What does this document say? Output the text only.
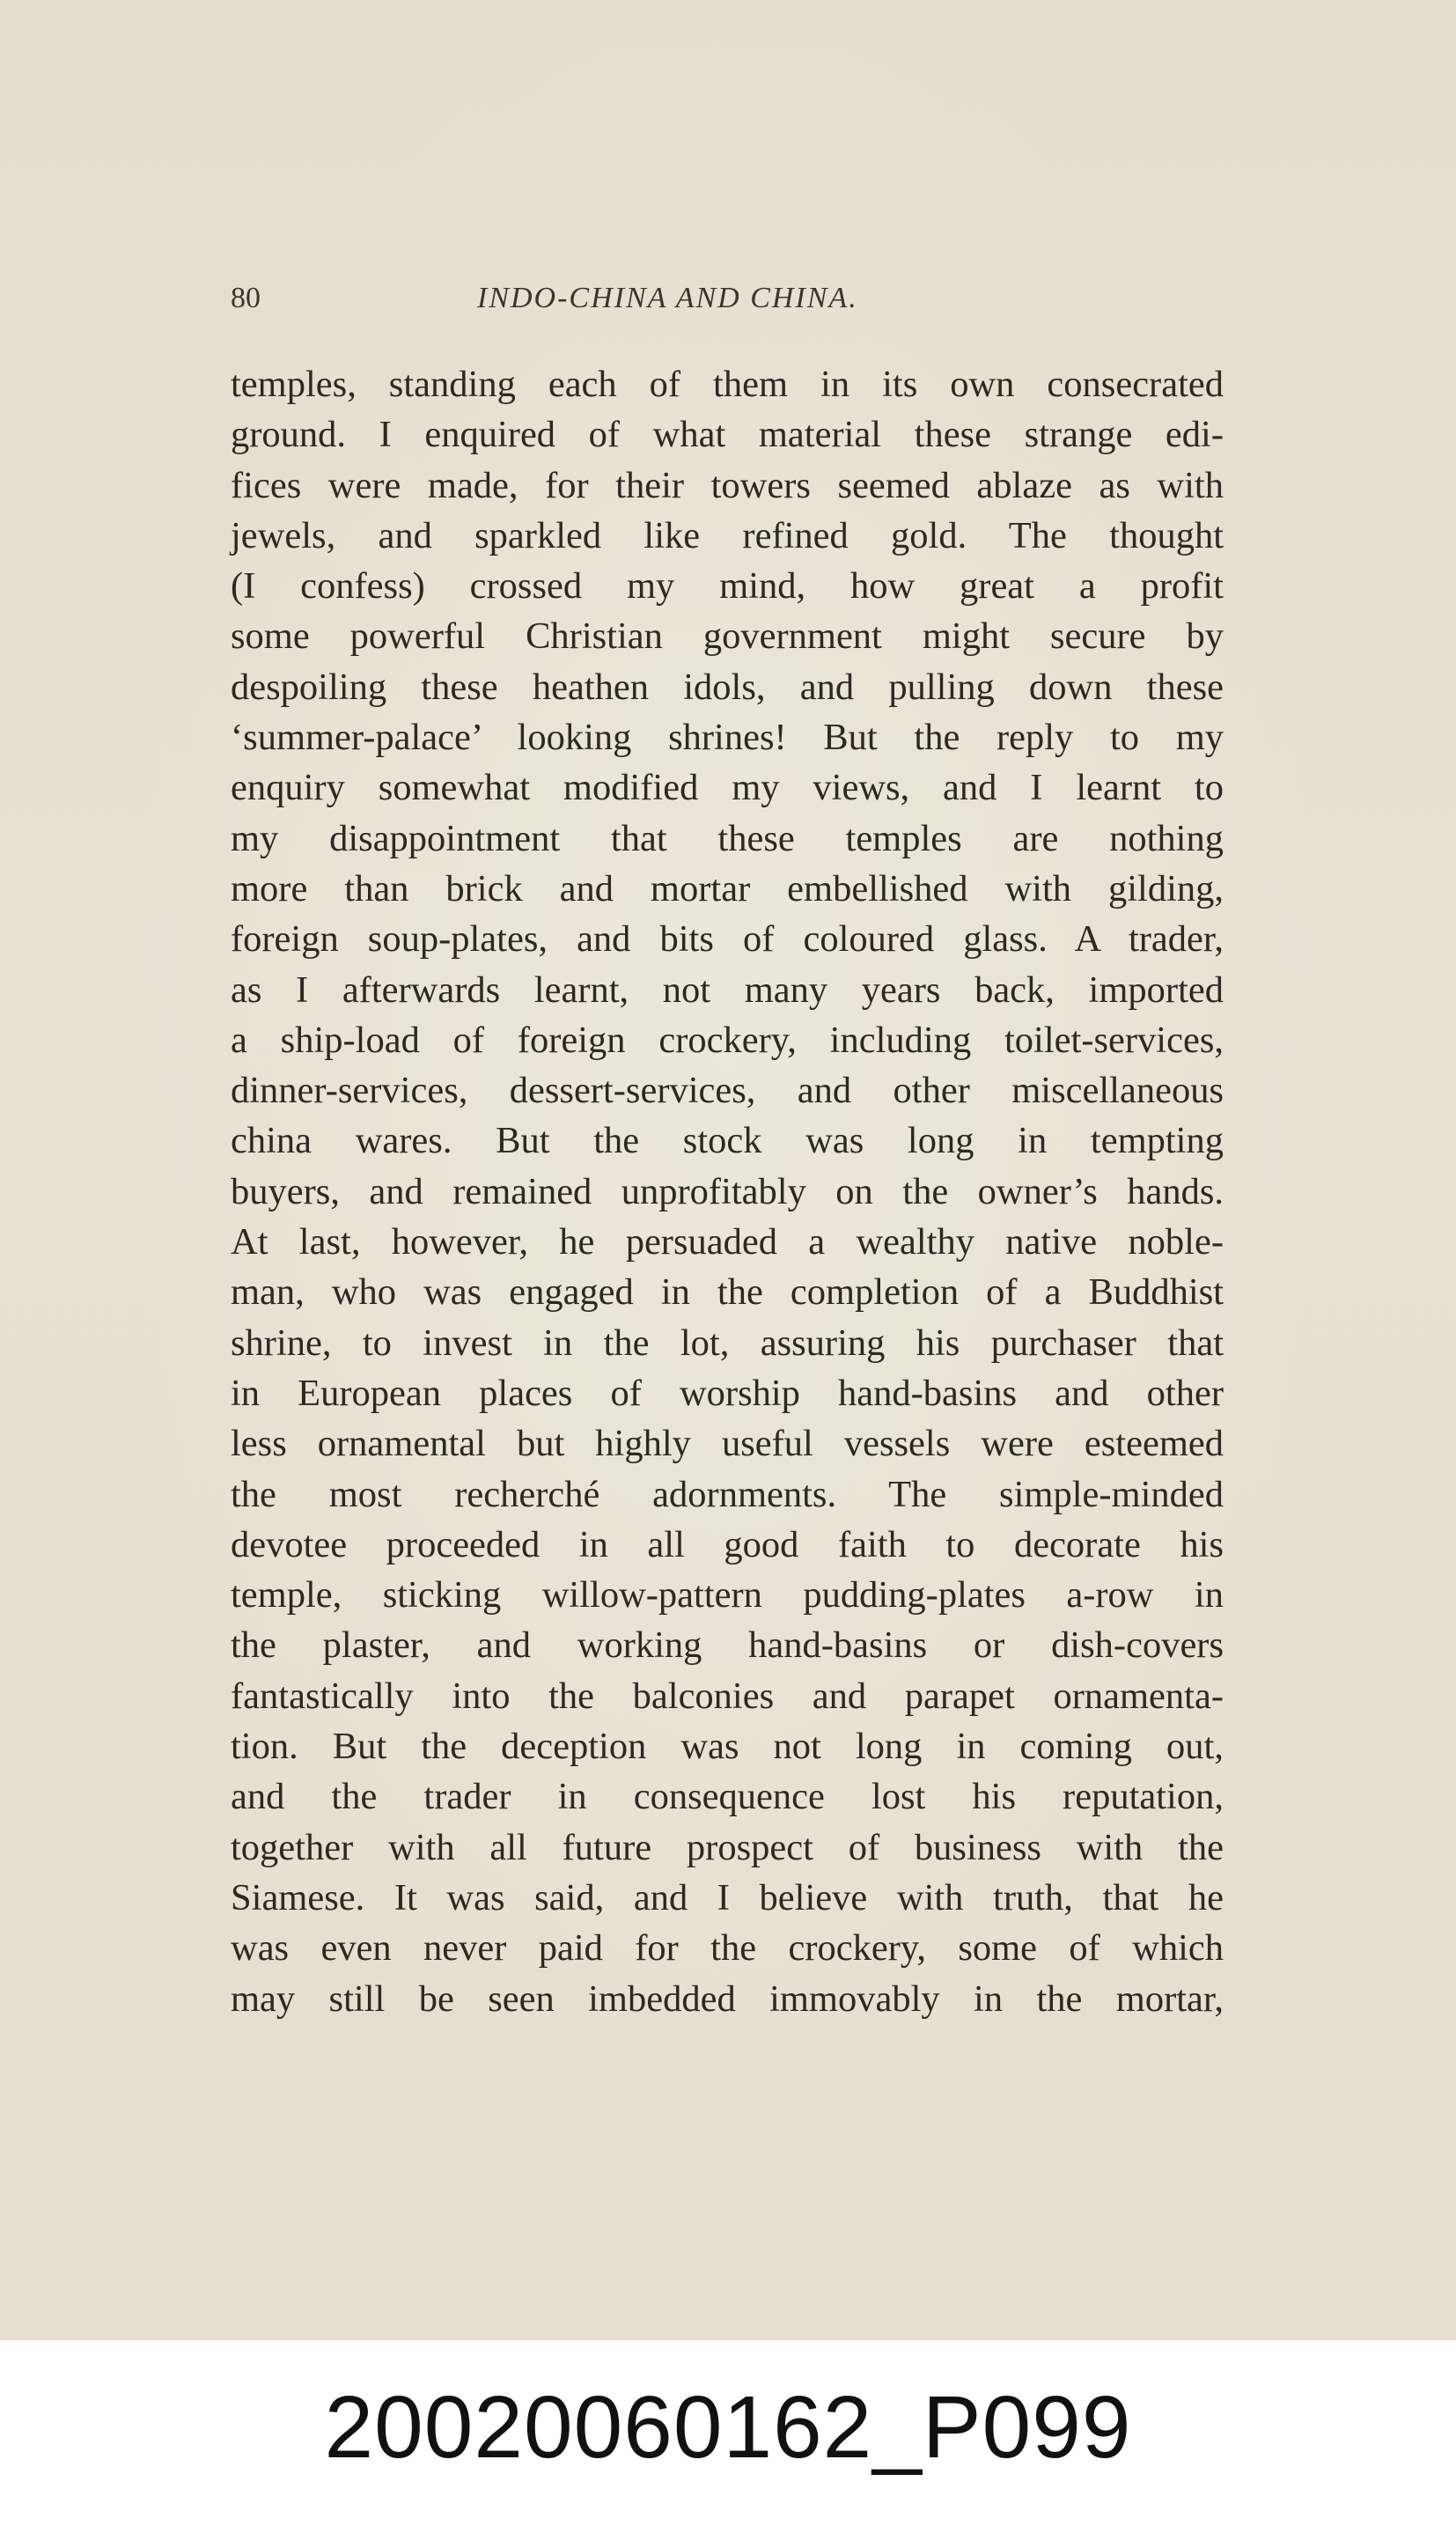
80	INDO-CHINA AND CHINA.
temples, standing each of them in its own consecrated
ground. I enquired of what material these strange edi-
fices were made, for their towers seemed ablaze as with
jewels, and sparkled like refined gold. The thought
(I confess) crossed my mind, how great a profit
some powerful Christian government might secure by
despoiling these heathen idols, and pulling down these
‘summer-palace’ looking shrines! But the reply to my
enquiry somewhat modified my views, and I learnt to
my disappointment that these temples are nothing
more than brick and mortar embellished with gilding,
foreign soup-plates, and bits of coloured glass. A trader,
as I afterwards learnt, not many years back, imported
a ship-load of foreign crockery, including toilet-services,
dinner-services, dessert-services, and other miscellaneous
china wares. But the stock was long in tempting
buyers, and remained unprofitably on the owner’s hands.
At last, however, he persuaded a wealthy native noble-
man, who was engaged in the completion of a Buddhist
shrine, to invest in the lot, assuring his purchaser that
in European places of worship hand-basins and other
less ornamental but highly useful vessels were esteemed
the most recherché adornments. The simple-minded
devotee proceeded in all good faith to decorate his
temple, sticking willow-pattern pudding-plates a-row in
the plaster, and working hand-basins or dish-covers
fantastically into the balconies and parapet ornamenta-
tion. But the deception was not long in coming out,
and the trader in consequence lost his reputation,
together with all future prospect of business with the
Siamese. It was said, and I believe with truth, that he
was even never paid for the crockery, some of which
may still be seen imbedded immovably in the mortar,
20020060162_P099
